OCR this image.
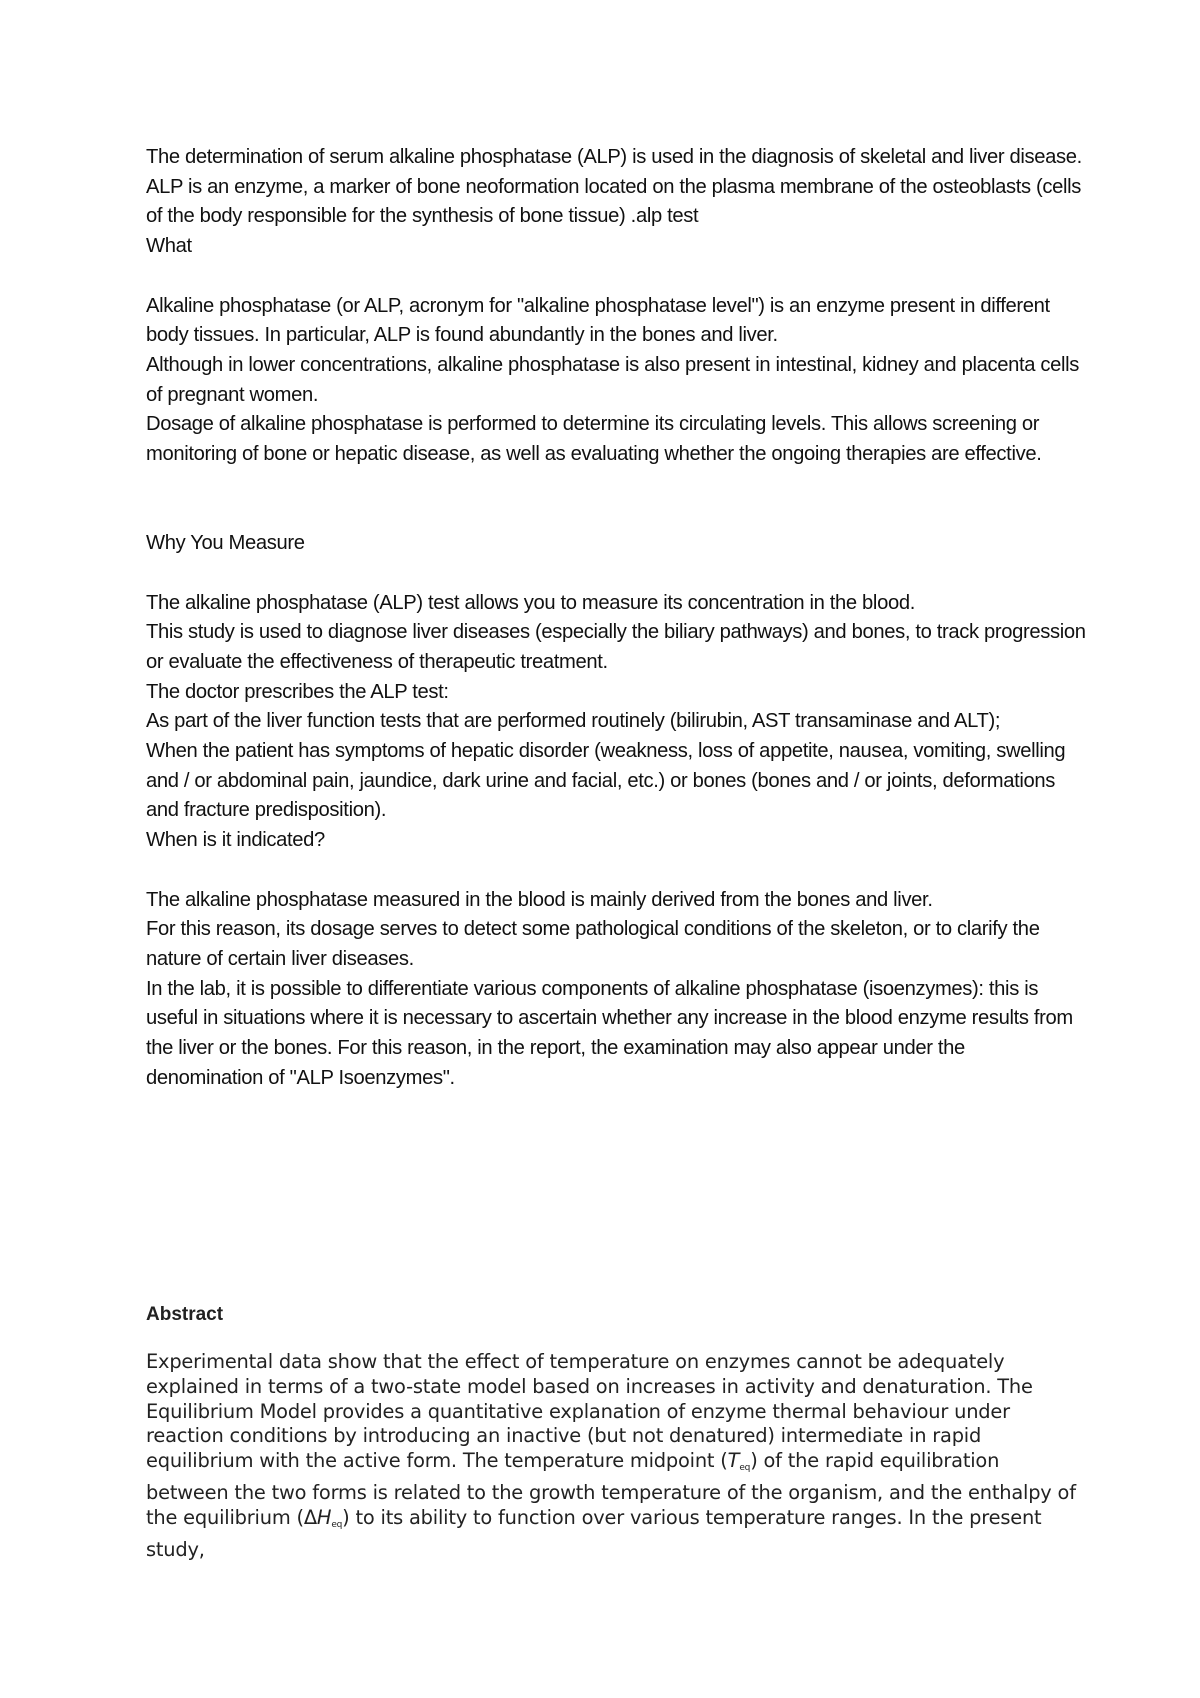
The determination of serum alkaline phosphatase (ALP) is used in the diagnosis of skeletal and liver disease.

ALP is an enzyme, a marker of bone neoformation located on the plasma membrane of the osteoblasts (cells of the body responsible for the synthesis of bone tissue) .alp test

What

Alkaline phosphatase (or ALP, acronym for "alkaline phosphatase level") is an enzyme present in different body tissues. In particular, ALP is found abundantly in the bones and liver.

Although in lower concentrations, alkaline phosphatase is also present in intestinal, kidney and placenta cells of pregnant women.

Dosage of alkaline phosphatase is performed to determine its circulating levels. This allows screening or monitoring of bone or hepatic disease, as well as evaluating whether the ongoing therapies are effective.

Why You Measure

The alkaline phosphatase (ALP) test allows you to measure its concentration in the blood.

This study is used to diagnose liver diseases (especially the biliary pathways) and bones, to track progression or evaluate the effectiveness of therapeutic treatment.

The doctor prescribes the ALP test:

As part of the liver function tests that are performed routinely (bilirubin, AST transaminase and ALT);

When the patient has symptoms of hepatic disorder (weakness, loss of appetite, nausea, vomiting, swelling and / or abdominal pain, jaundice, dark urine and facial, etc.) or bones (bones and / or joints, deformations and fracture predisposition).

When is it indicated?

The alkaline phosphatase measured in the blood is mainly derived from the bones and liver.

For this reason, its dosage serves to detect some pathological conditions of the skeleton, or to clarify the nature of certain liver diseases.

In the lab, it is possible to differentiate various components of alkaline phosphatase (isoenzymes): this is useful in situations where it is necessary to ascertain whether any increase in the blood enzyme results from the liver or the bones. For this reason, in the report, the examination may also appear under the denomination of "ALP Isoenzymes".

Abstract

Experimental data show that the effect of temperature on enzymes cannot be adequately explained in terms of a two-state model based on increases in activity and denaturation. The Equilibrium Model provides a quantitative explanation of enzyme thermal behaviour under reaction conditions by introducing an inactive (but not denatured) intermediate in rapid equilibrium with the active form. The temperature midpoint $(T_{eq})$ of the rapid equilibration between the two forms is related to the growth temperature of the organism, and the enthalpy of the equilibrium $(\Delta H_{eq})$ to its ability to function over various temperature ranges. In the present study,
